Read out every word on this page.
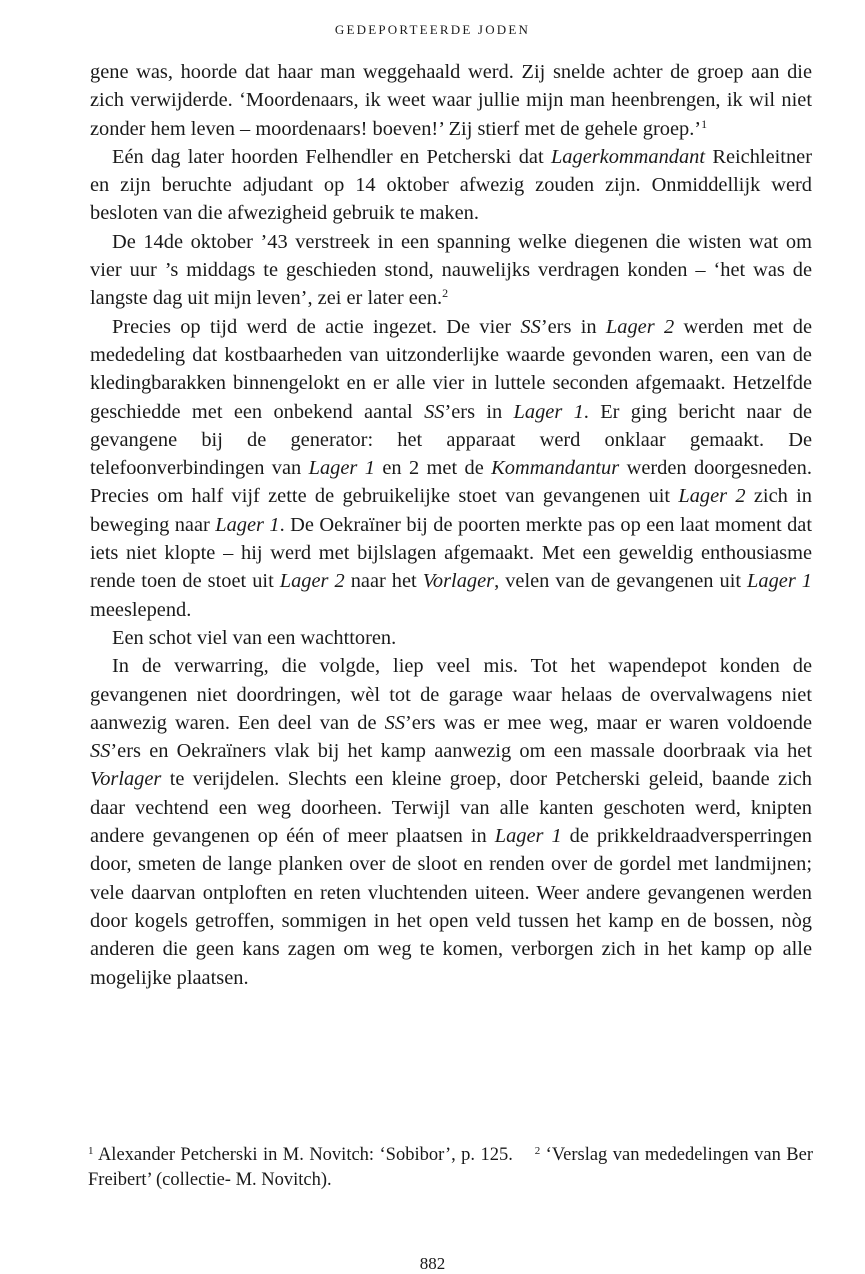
GEDEPORTEERDE JODEN

gene was, hoorde dat haar man weggehaald werd. Zij snelde achter de groep aan die zich verwijderde. ‘Moordenaars, ik weet waar jullie mijn man heenbrengen, ik wil niet zonder hem leven – moordenaars! boeven!’ Zij stierf met de gehele groep.’$^1$

Eén dag later hoorden Felhendler en Petcherski dat Lagerkommandant Reichleitner en zijn beruchte adjudant op 14 oktober afwezig zouden zijn. Onmiddellijk werd besloten van die afwezigheid gebruik te maken.

De 14de oktober ’43 verstreek in een spanning welke diegenen die wisten wat om vier uur ’s middags te geschieden stond, nauwelijks verdragen konden – ‘het was de langste dag uit mijn leven’, zei er later een.$^2$

Precies op tijd werd de actie ingezet. De vier SS’ers in Lager 2 werden met de mededeling dat kostbaarheden van uitzonderlijke waarde gevonden waren, een van de kledingbarakken binnengelokt en er alle vier in luttele seconden afgemaakt. Hetzelfde geschiedde met een onbekend aantal SS’ers in Lager 1. Er ging bericht naar de gevangene bij de generator: het apparaat werd onklaar gemaakt. De telefoonverbindingen van Lager 1 en 2 met de Kommandantur werden doorgesneden. Precies om half vijf zette de gebruikelijke stoet van gevangenen uit Lager 2 zich in beweging naar Lager 1. De Oekraïner bij de poorten merkte pas op een laat moment dat iets niet klopte – hij werd met bijlslagen afgemaakt. Met een geweldig enthousiasme rende toen de stoet uit Lager 2 naar het Vorlager, velen van de gevangenen uit Lager 1 meeslepend.

Een schot viel van een wachttoren.

In de verwarring, die volgde, liep veel mis. Tot het wapendepot konden de gevangenen niet doordringen, wèl tot de garage waar helaas de overvalwagens niet aanwezig waren. Een deel van de SS’ers was er mee weg, maar er waren voldoende SS’ers en Oekraïners vlak bij het kamp aanwezig om een massale doorbraak via het Vorlager te verijdelen. Slechts een kleine groep, door Petcherski geleid, baande zich daar vechtend een weg doorheen. Terwijl van alle kanten geschoten werd, knipten andere gevangenen op één of meer plaatsen in Lager 1 de prikkeldraadversperringen door, smeten de lange planken over de sloot en renden over de gordel met landmijnen; vele daarvan ontploften en reten vluchtenden uiteen. Weer andere gevangenen werden door kogels getroffen, sommigen in het open veld tussen het kamp en de bossen, nòg anderen die geen kans zagen om weg te komen, verborgen zich in het kamp op alle mogelijke plaatsen.

$^1$ Alexander Petcherski in M. Novitch: ‘Sobibor’, p. 125. $^2$ ‘Verslag van mededelingen van Ber Freibert’ (collectie- M. Novitch).
882
